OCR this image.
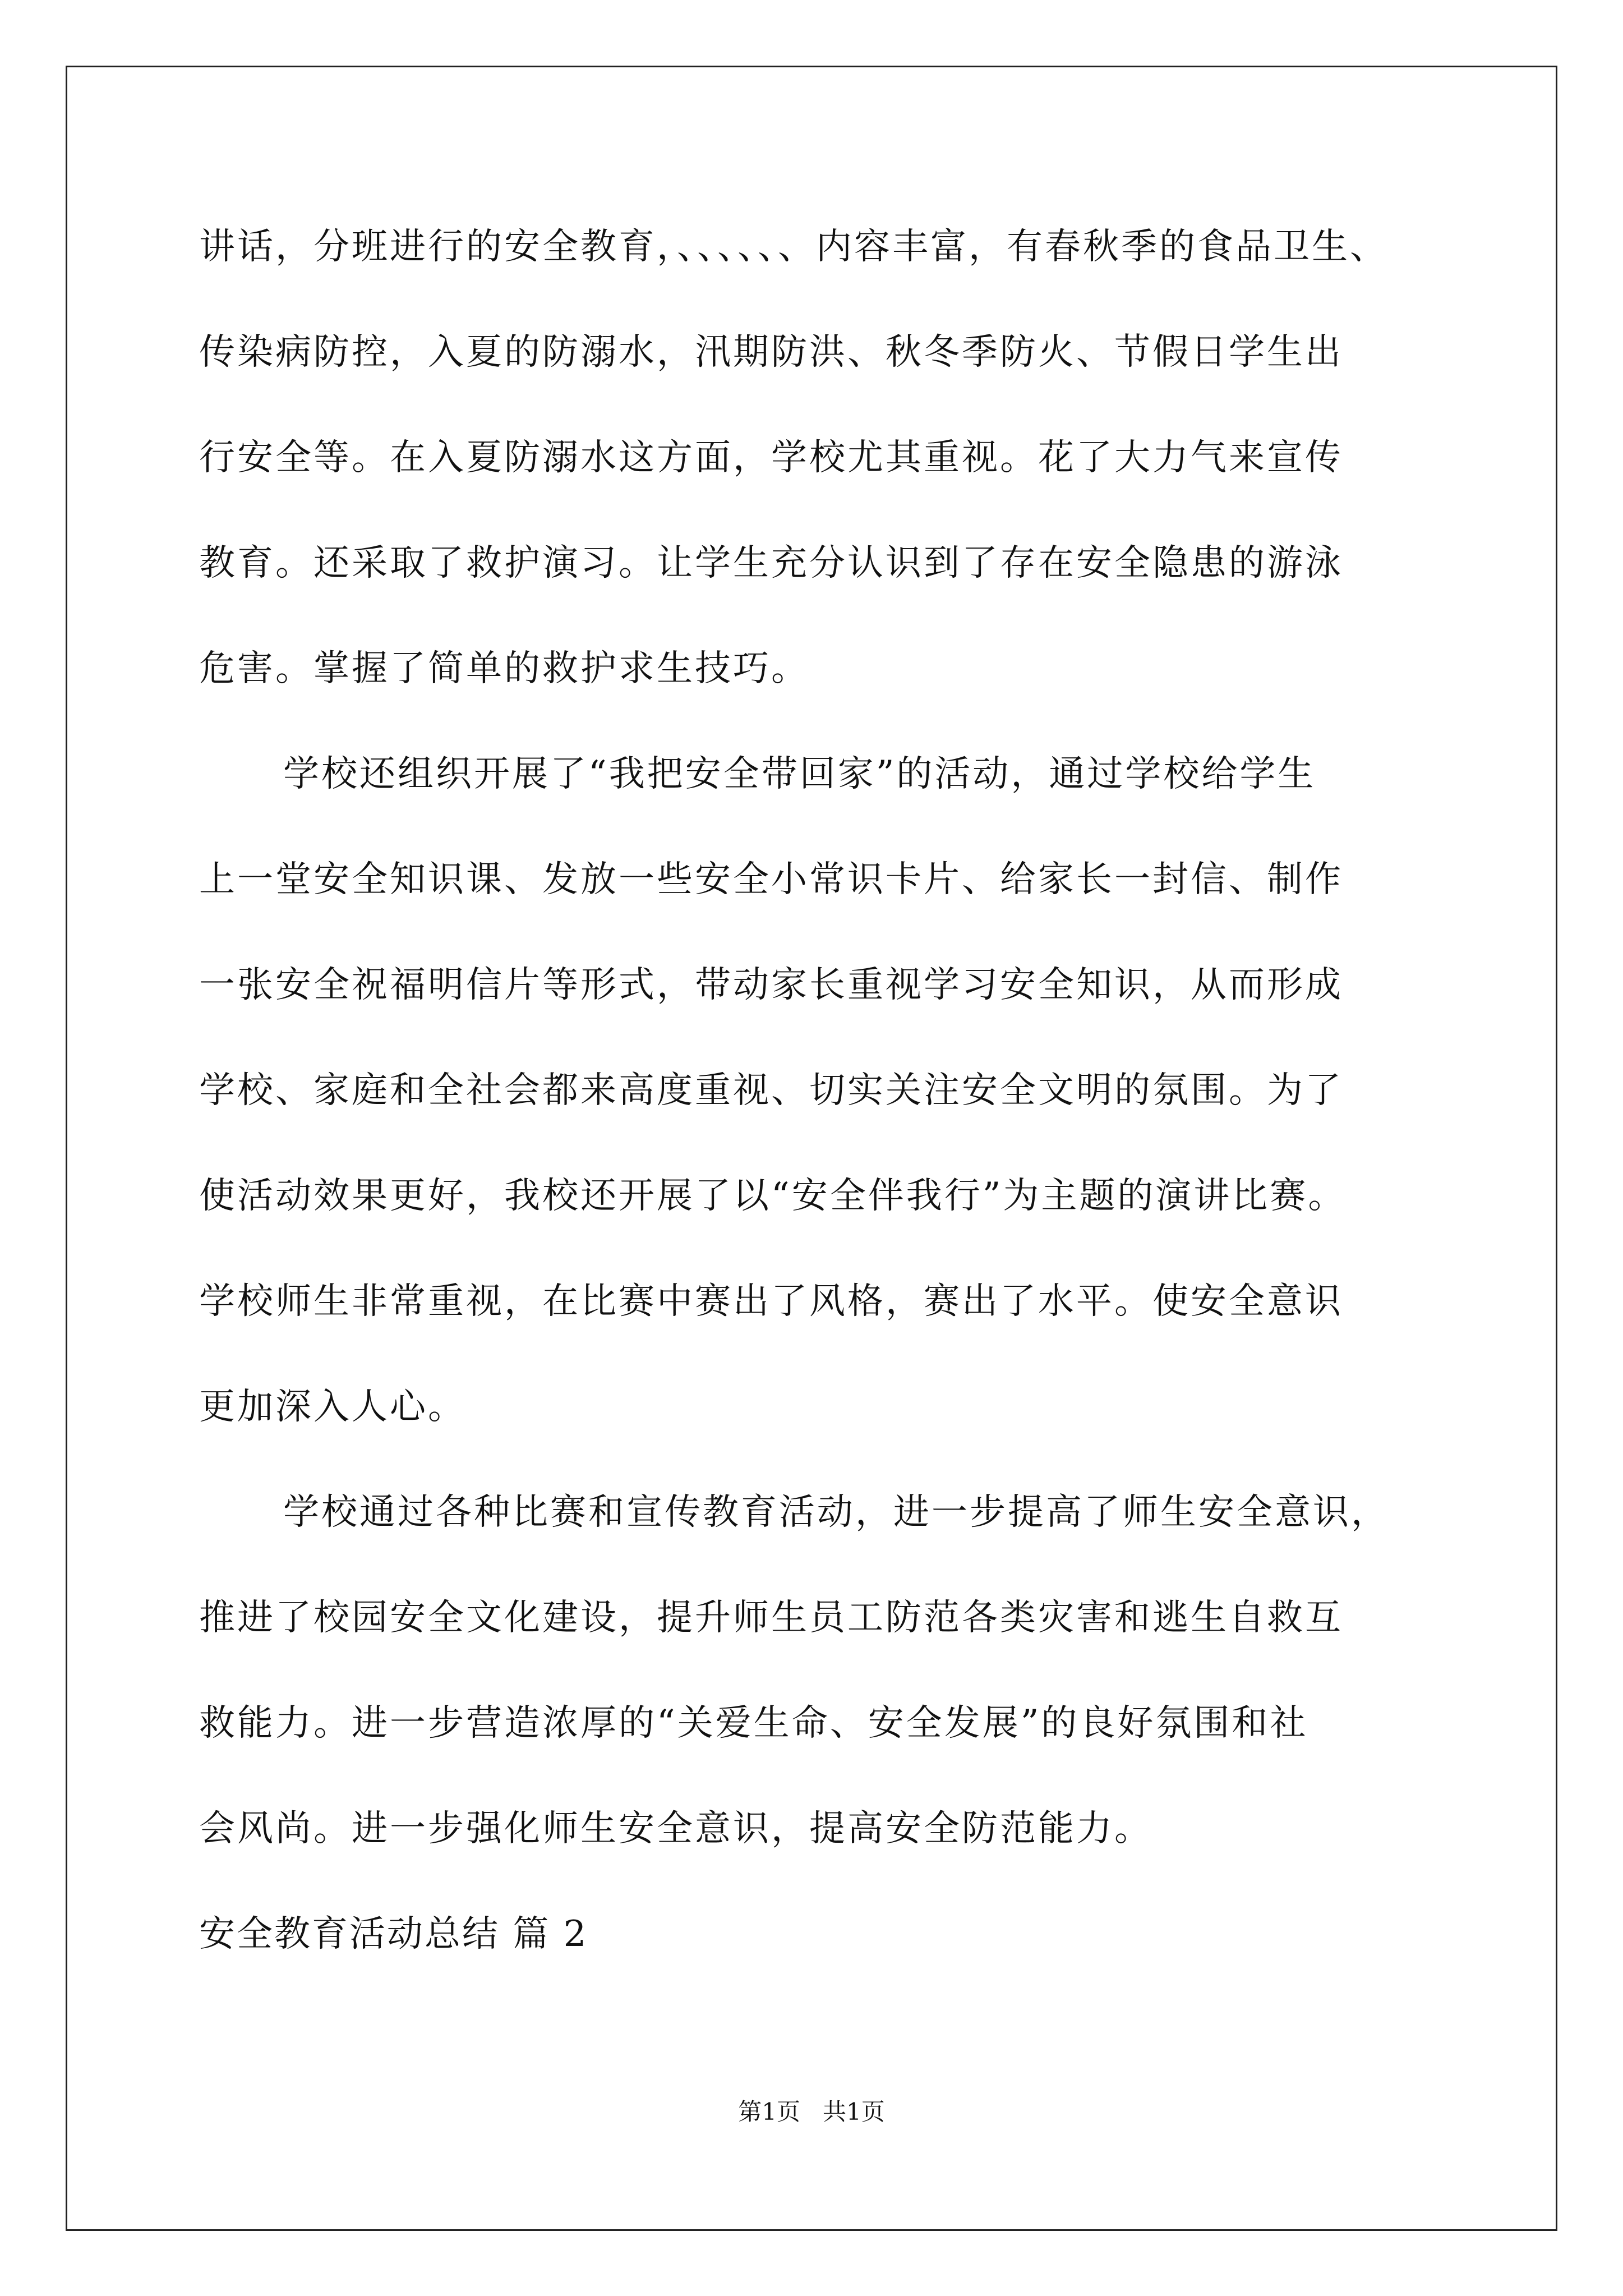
讲话，分班进行的安全教育，、、、、、、内容丰富，有春秋季的食品卫生、
传染病防控，入夏的防溺水，汛期防洪、秋冬季防火、节假日学生出
行安全等。在入夏防溺水这方面，学校尤其重视。花了大力气来宣传
教育。还采取了救护演习。让学生充分认识到了存在安全隐患的游泳
危害。掌握了简单的救护求生技巧。
学校还组织开展了“我把安全带回家”的活动，通过学校给学生
上一堂安全知识课、发放一些安全小常识卡片、给家长一封信、制作
一张安全祝福明信片等形式，带动家长重视学习安全知识，从而形成
学校、家庭和全社会都来高度重视、切实关注安全文明的氛围。为了
使活动效果更好，我校还开展了以“安全伴我行”为主题的演讲比赛。
学校师生非常重视，在比赛中赛出了风格，赛出了水平。使安全意识
更加深入人心。
学校通过各种比赛和宣传教育活动，进一步提高了师生安全意识，
推进了校园安全文化建设，提升师生员工防范各类灾害和逃生自救互
救能力。进一步营造浓厚的“关爱生命、安全发展”的良好氛围和社
会风尚。进一步强化师生安全意识，提高安全防范能力。
安全教育活动总结 篇 2
第1页   共1页
